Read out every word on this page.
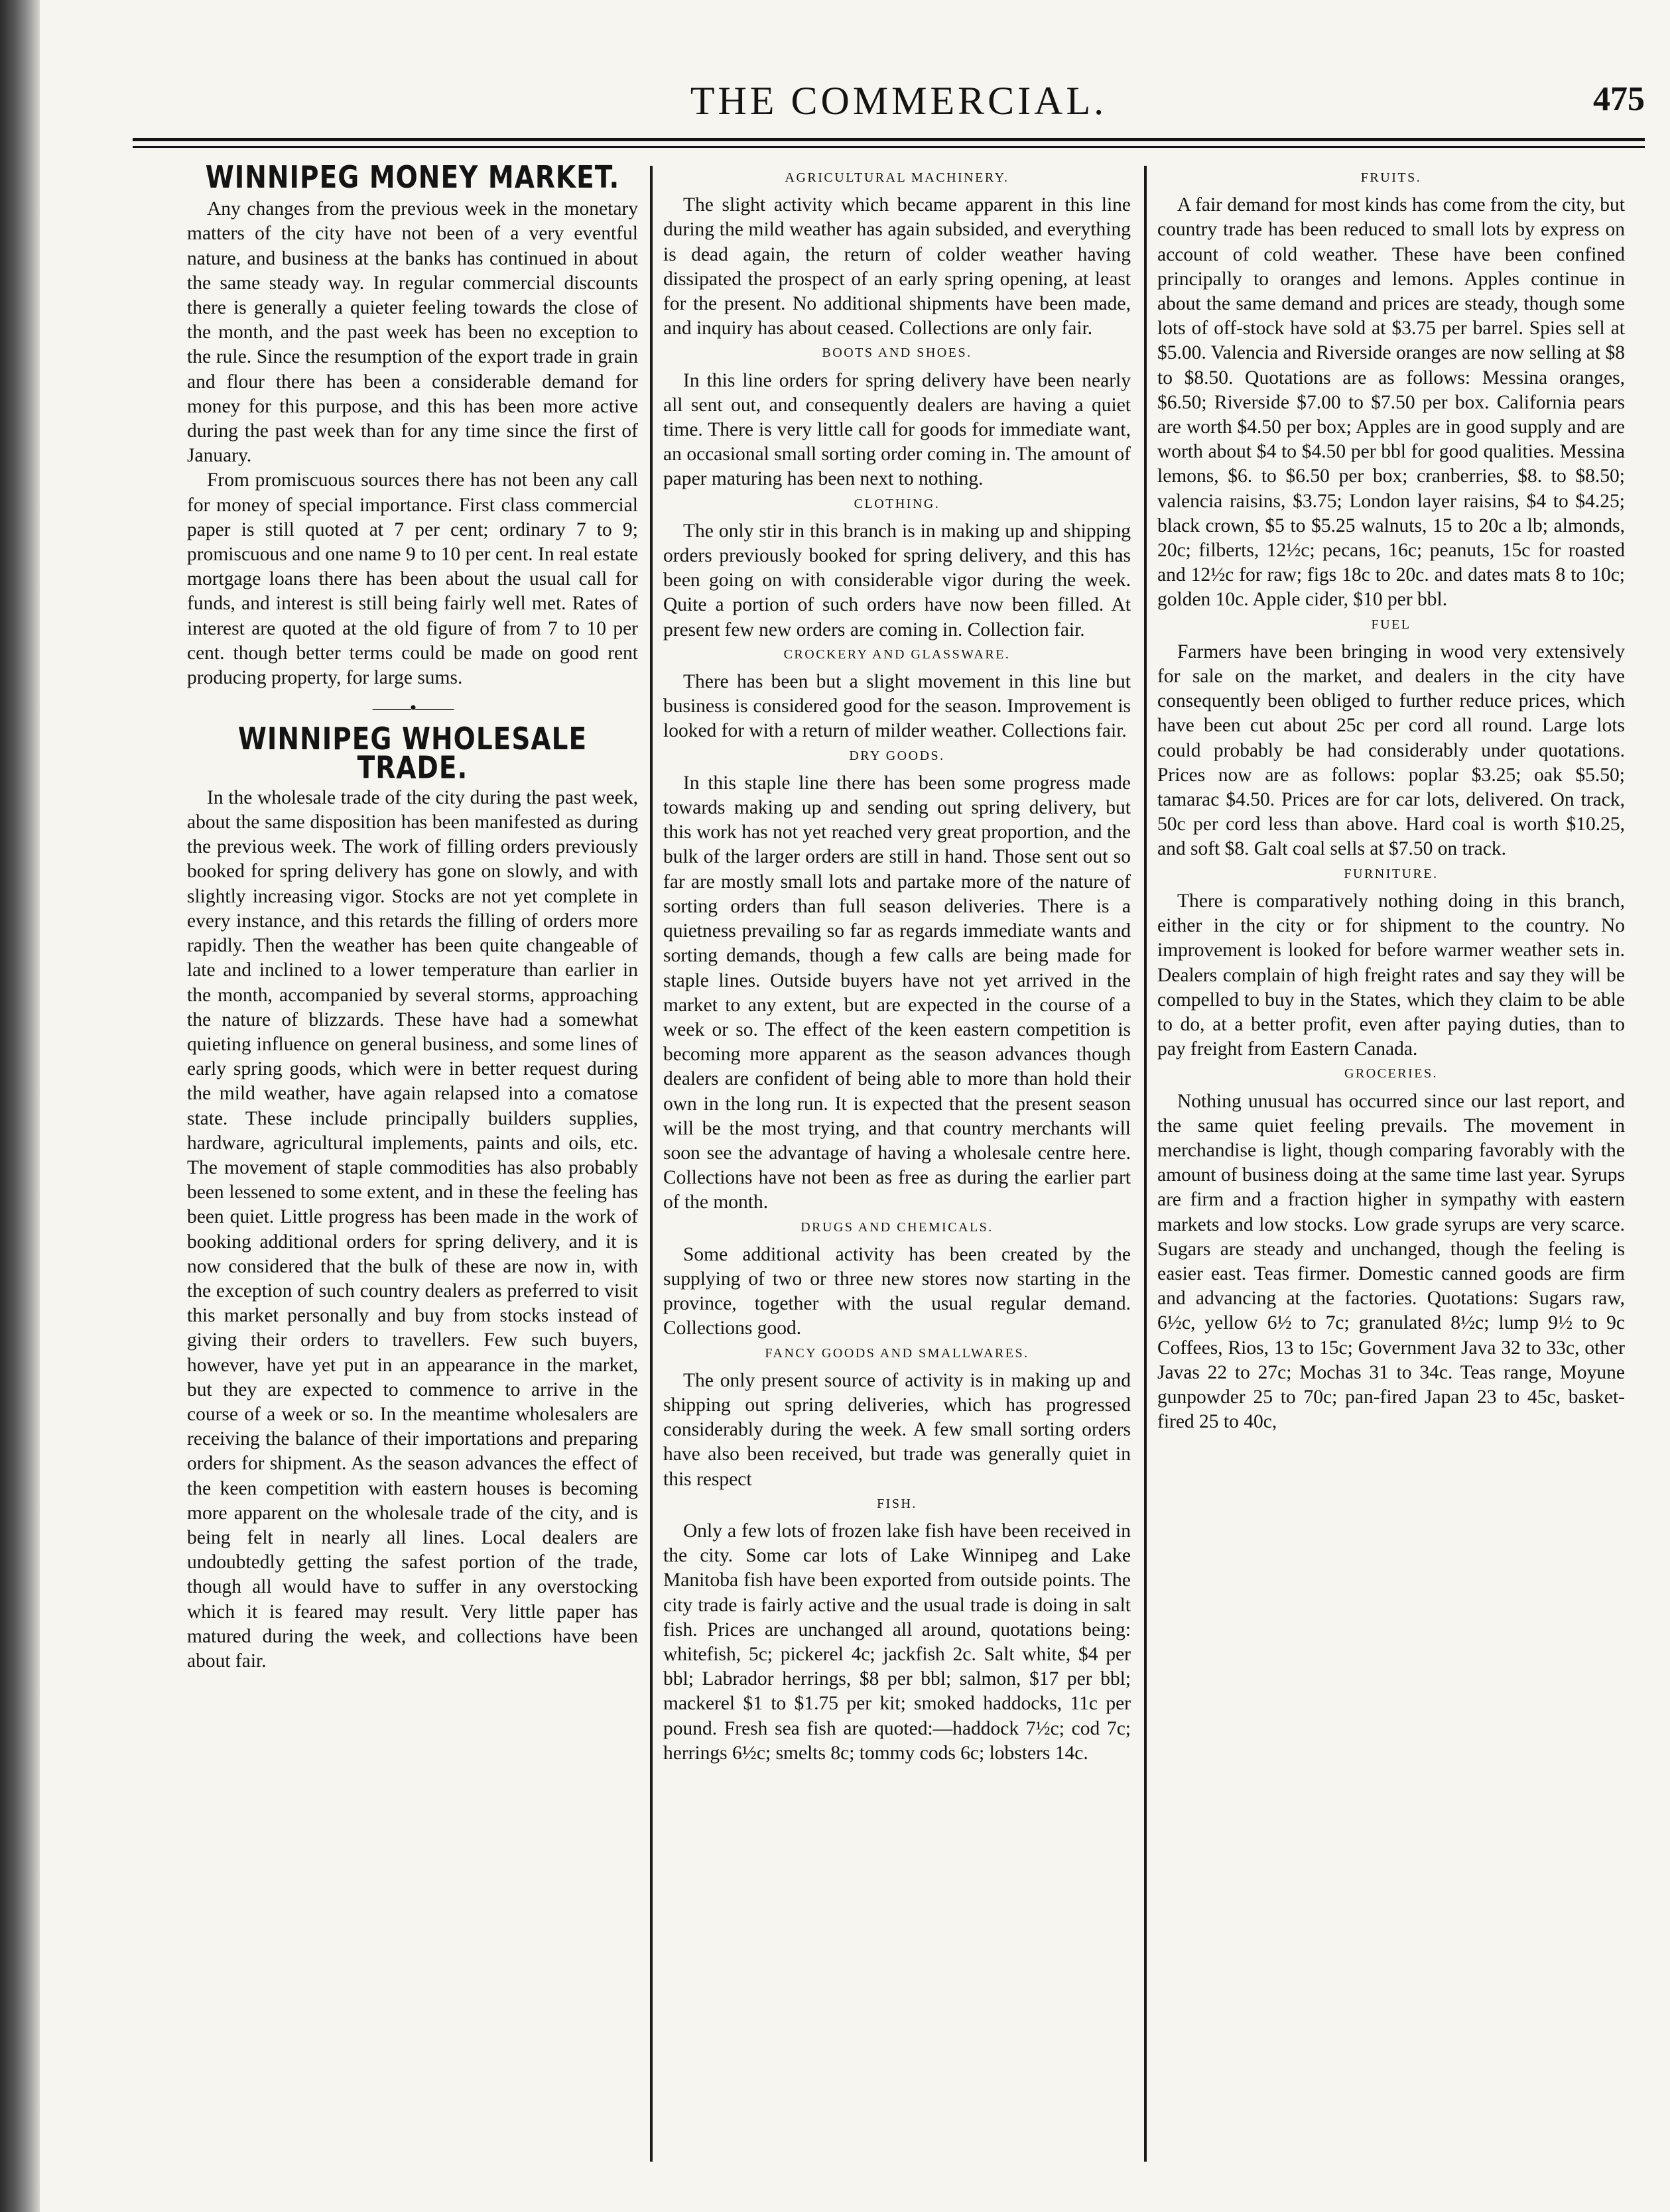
THE COMMERCIAL.	475
WINNIPEG MONEY MARKET.

Any changes from the previous week in the monetary matters of the city have not been of a very eventful nature, and business at the banks has continued in about the same steady way. In regular commercial discounts there is generally a quieter feeling towards the close of the month, and the past week has been no exception to the rule. Since the resumption of the export trade in grain and flour there has been a considerable demand for money for this purpose, and this has been more active during the past week than for any time since the first of January.

From promiscuous sources there has not been any call for money of special importance. First class commercial paper is still quoted at 7 per cent; ordinary 7 to 9; promiscuous and one name 9 to 10 per cent. In real estate mortgage loans there has been about the usual call for funds, and interest is still being fairly well met. Rates of interest are quoted at the old figure of from 7 to 10 per cent. though better terms could be made on good rent producing property, for large sums.

——•——
WINNIPEG WHOLESALE TRADE.

In the wholesale trade of the city during the past week, about the same disposition has been manifested as during the previous week. The work of filling orders previously booked for spring delivery has gone on slowly, and with slightly increasing vigor. Stocks are not yet complete in every instance, and this retards the filling of orders more rapidly. Then the weather has been quite changeable of late and inclined to a lower temperature than earlier in the month, accompanied by several storms, approaching the nature of blizzards. These have had a somewhat quieting influence on general business, and some lines of early spring goods, which were in better request during the mild weather, have again relapsed into a comatose state. These include principally builders supplies, hardware, agricultural implements, paints and oils, etc. The movement of staple commodities has also probably been lessened to some extent, and in these the feeling has been quiet. Little progress has been made in the work of booking additional orders for spring delivery, and it is now considered that the bulk of these are now in, with the exception of such country dealers as preferred to visit this market personally and buy from stocks instead of giving their orders to travellers. Few such buyers, however, have yet put in an appearance in the market, but they are expected to commence to arrive in the course of a week or so. In the meantime wholesalers are receiving the balance of their importations and preparing orders for shipment. As the season advances the effect of the keen competition with eastern houses is becoming more apparent on the wholesale trade of the city, and is being felt in nearly all lines. Local dealers are undoubtedly getting the safest portion of the trade, though all would have to suffer in any overstocking which it is feared may result. Very little paper has matured during the week, and collections have been about fair.

AGRICULTURAL MACHINERY.

The slight activity which became apparent in this line during the mild weather has again subsided, and everything is dead again, the return of colder weather having dissipated the prospect of an early spring opening, at least for the present. No additional shipments have been made, and inquiry has about ceased. Collections are only fair.

BOOTS AND SHOES.

In this line orders for spring delivery have been nearly all sent out, and consequently dealers are having a quiet time. There is very little call for goods for immediate want, an occasional small sorting order coming in. The amount of paper maturing has been next to nothing.

CLOTHING.

The only stir in this branch is in making up and shipping orders previously booked for spring delivery, and this has been going on with considerable vigor during the week. Quite a portion of such orders have now been filled. At present few new orders are coming in. Collection fair.

CROCKERY AND GLASSWARE.

There has been but a slight movement in this line but business is considered good for the season. Improvement is looked for with a return of milder weather. Collections fair.

DRY GOODS.

In this staple line there has been some progress made towards making up and sending out spring delivery, but this work has not yet reached very great proportion, and the bulk of the larger orders are still in hand. Those sent out so far are mostly small lots and partake more of the nature of sorting orders than full season deliveries. There is a quietness prevailing so far as regards immediate wants and sorting demands, though a few calls are being made for staple lines. Outside buyers have not yet arrived in the market to any extent, but are expected in the course of a week or so. The effect of the keen eastern competition is becoming more apparent as the season advances though dealers are confident of being able to more than hold their own in the long run. It is expected that the present season will be the most trying, and that country merchants will soon see the advantage of having a wholesale centre here. Collections have not been as free as during the earlier part of the month.

DRUGS AND CHEMICALS.

Some additional activity has been created by the supplying of two or three new stores now starting in the province, together with the usual regular demand. Collections good.

FANCY GOODS AND SMALLWARES.

The only present source of activity is in making up and shipping out spring deliveries, which has progressed considerably during the week. A few small sorting orders have also been received, but trade was generally quiet in this respect

FISH.

Only a few lots of frozen lake fish have been received in the city. Some car lots of Lake Winnipeg and Lake Manitoba fish have been exported from outside points. The city trade is fairly active and the usual trade is doing in salt fish. Prices are unchanged all around, quotations being: whitefish, 5c; pickerel 4c; jackfish 2c. Salt white, $4 per bbl; Labrador herrings, $8 per bbl; salmon, $17 per bbl; mackerel $1 to $1.75 per kit; smoked haddocks, 11c per pound. Fresh sea fish are quoted:—haddock 7½c; cod 7c; herrings 6½c; smelts 8c; tommy cods 6c; lobsters 14c.

FRUITS.

A fair demand for most kinds has come from the city, but country trade has been reduced to small lots by express on account of cold weather. These have been confined principally to oranges and lemons. Apples continue in about the same demand and prices are steady, though some lots of off-stock have sold at $3.75 per barrel. Spies sell at $5.00. Valencia and Riverside oranges are now selling at $8 to $8.50. Quotations are as follows: Messina oranges, $6.50; Riverside $7.00 to $7.50 per box. California pears are worth $4.50 per box; Apples are in good supply and are worth about $4 to $4.50 per bbl for good qualities. Messina lemons, $6. to $6.50 per box; cranberries, $8. to $8.50; valencia raisins, $3.75; London layer raisins, $4 to $4.25; black crown, $5 to $5.25 walnuts, 15 to 20c a lb; almonds, 20c; filberts, 12½c; pecans, 16c; peanuts, 15c for roasted and 12½c for raw; figs 18c to 20c. and dates mats 8 to 10c; golden 10c. Apple cider, $10 per bbl.

FUEL

Farmers have been bringing in wood very extensively for sale on the market, and dealers in the city have consequently been obliged to further reduce prices, which have been cut about 25c per cord all round. Large lots could probably be had considerably under quotations. Prices now are as follows: poplar $3.25; oak $5.50; tamarac $4.50. Prices are for car lots, delivered. On track, 50c per cord less than above. Hard coal is worth $10.25, and soft $8. Galt coal sells at $7.50 on track.

FURNITURE.

There is comparatively nothing doing in this branch, either in the city or for shipment to the country. No improvement is looked for before warmer weather sets in. Dealers complain of high freight rates and say they will be compelled to buy in the States, which they claim to be able to do, at a better profit, even after paying duties, than to pay freight from Eastern Canada.

GROCERIES.

Nothing unusual has occurred since our last report, and the same quiet feeling prevails. The movement in merchandise is light, though comparing favorably with the amount of business doing at the same time last year. Syrups are firm and a fraction higher in sympathy with eastern markets and low stocks. Low grade syrups are very scarce. Sugars are steady and unchanged, though the feeling is easier east. Teas firmer. Domestic canned goods are firm and advancing at the factories. Quotations: Sugars raw, 6½c, yellow 6½ to 7c; granulated 8½c; lump 9½ to 9c Coffees, Rios, 13 to 15c; Government Java 32 to 33c, other Javas 22 to 27c; Mochas 31 to 34c. Teas range, Moyune gunpowder 25 to 70c; pan-fired Japan 23 to 45c, basket-fired 25 to 40c,
